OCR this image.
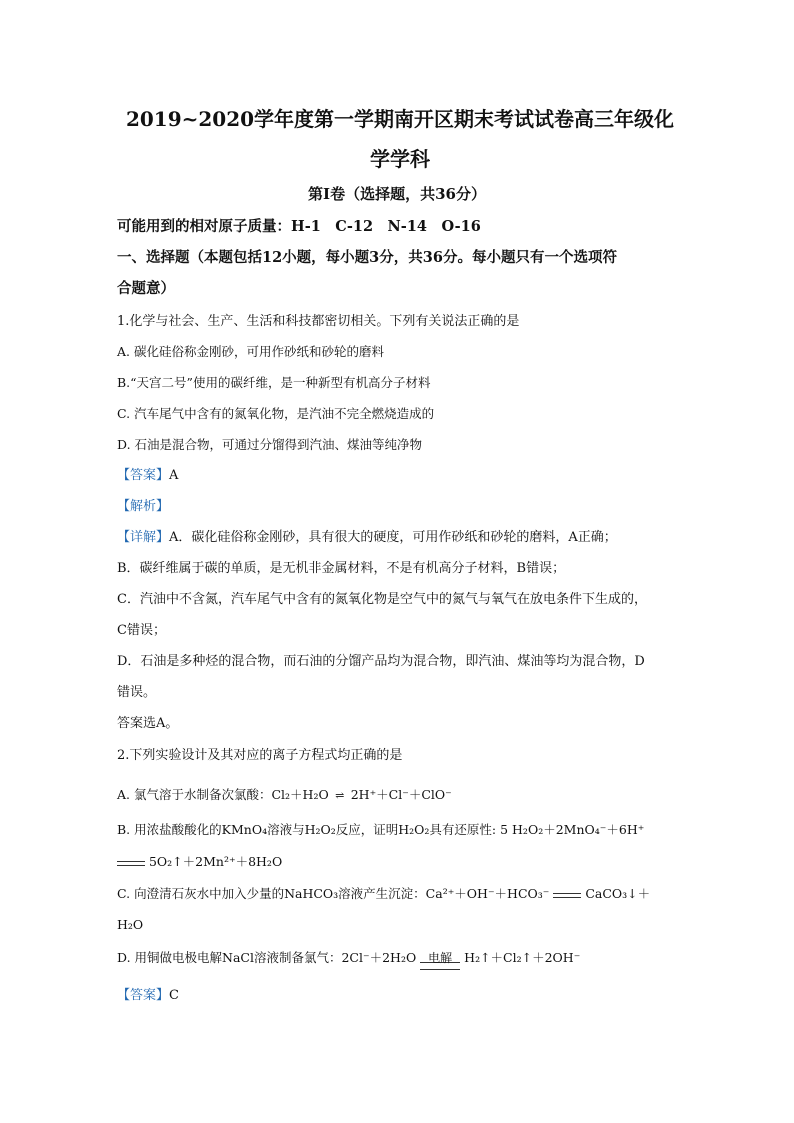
2019~2020学年度第一学期南开区期末考试试卷高三年级化
学学科
第Ⅰ卷（选择题，共36分）
可能用到的相对原子质量：H-1　C-12　N-14　O-16
一、选择题（本题包括12小题，每小题3分，共36分。每小题只有一个选项符
合题意）
1.化学与社会、生产、生活和科技都密切相关。下列有关说法正确的是
A. 碳化硅俗称金刚砂，可用作砂纸和砂轮的磨料
B.“天宫二号”使用的碳纤维，是一种新型有机高分子材料
C. 汽车尾气中含有的氮氧化物，是汽油不完全燃烧造成的
D. 石油是混合物，可通过分馏得到汽油、煤油等纯净物
【答案】A
【解析】
【详解】A．碳化硅俗称金刚砂，具有很大的硬度，可用作砂纸和砂轮的磨料，A正确；
B．碳纤维属于碳的单质，是无机非金属材料，不是有机高分子材料，B错误；
C．汽油中不含氮，汽车尾气中含有的氮氧化物是空气中的氮气与氧气在放电条件下生成的，
C错误；
D．石油是多种烃的混合物，而石油的分馏产品均为混合物，即汽油、煤油等均为混合物，D
错误。
答案选A。
2.下列实验设计及其对应的离子方程式均正确的是
A. 氯气溶于水制备次氯酸：Cl₂＋H₂O ⇌ 2H⁺＋Cl⁻＋ClO⁻
B. 用浓盐酸酸化的KMnO₄溶液与H₂O₂反应，证明H₂O₂具有还原性: 5 H₂O₂＋2MnO₄⁻＋6H⁺
5O₂↑＋2Mn²⁺＋8H₂O
C. 向澄清石灰水中加入少量的NaHCO₃溶液产生沉淀：Ca²⁺＋OH⁻＋HCO₃⁻	CaCO₃↓＋
H₂O
D. 用铜做电极电解NaCl溶液制备氯气：2Cl⁻＋2H₂O 电解 H₂↑＋Cl₂↑＋2OH⁻
【答案】C
